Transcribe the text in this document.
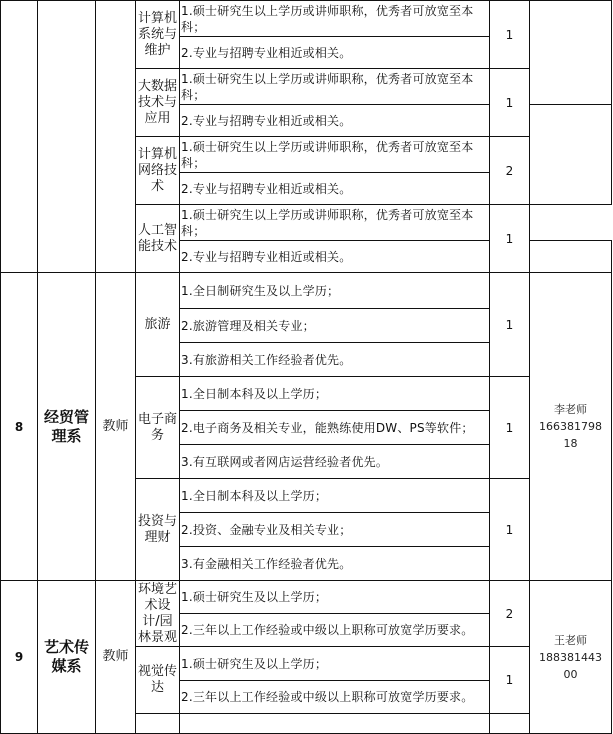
			计算机系统与维护	1.硕士研究生以上学历或讲师职称，优秀者可放宽至本科；	1	
				2.专业与招聘专业相近或相关。		
			大数据技术与应用	1.硕士研究生以上学历或讲师职称，优秀者可放宽至本科；	1	
				2.专业与招聘专业相近或相关。		
			计算机网络技术	1.硕士研究生以上学历或讲师职称，优秀者可放宽至本科；	2	
				2.专业与招聘专业相近或相关。		
			人工智能技术	1.硕士研究生以上学历或讲师职称，优秀者可放宽至本科；	1	
				2.专业与招聘专业相近或相关。		
8	经贸管理系	教师	旅游	1.全日制研究生及以上学历；	1	李老师
166381798
18

				2.旅游管理及相关专业；		
				3.有旅游相关工作经验者优先。		
			电子商务	1.全日制本科及以上学历；	1	
				2.电子商务及相关专业，能熟练使用DW、PS等软件；		
				3.有互联网或者网店运营经验者优先。		
			投资与理财	1.全日制本科及以上学历；	1	
				2.投资、金融专业及相关专业；		
				3.有金融相关工作经验者优先。		
9	艺术传媒系	教师	环境艺术设计/园林景观	1.硕士研究生及以上学历；	2	王老师
188381443
00

				2.三年以上工作经验或中级以上职称可放宽学历要求。		
			视觉传达	1.硕士研究生及以上学历；	1	
				2.三年以上工作经验或中级以上职称可放宽学历要求。		
